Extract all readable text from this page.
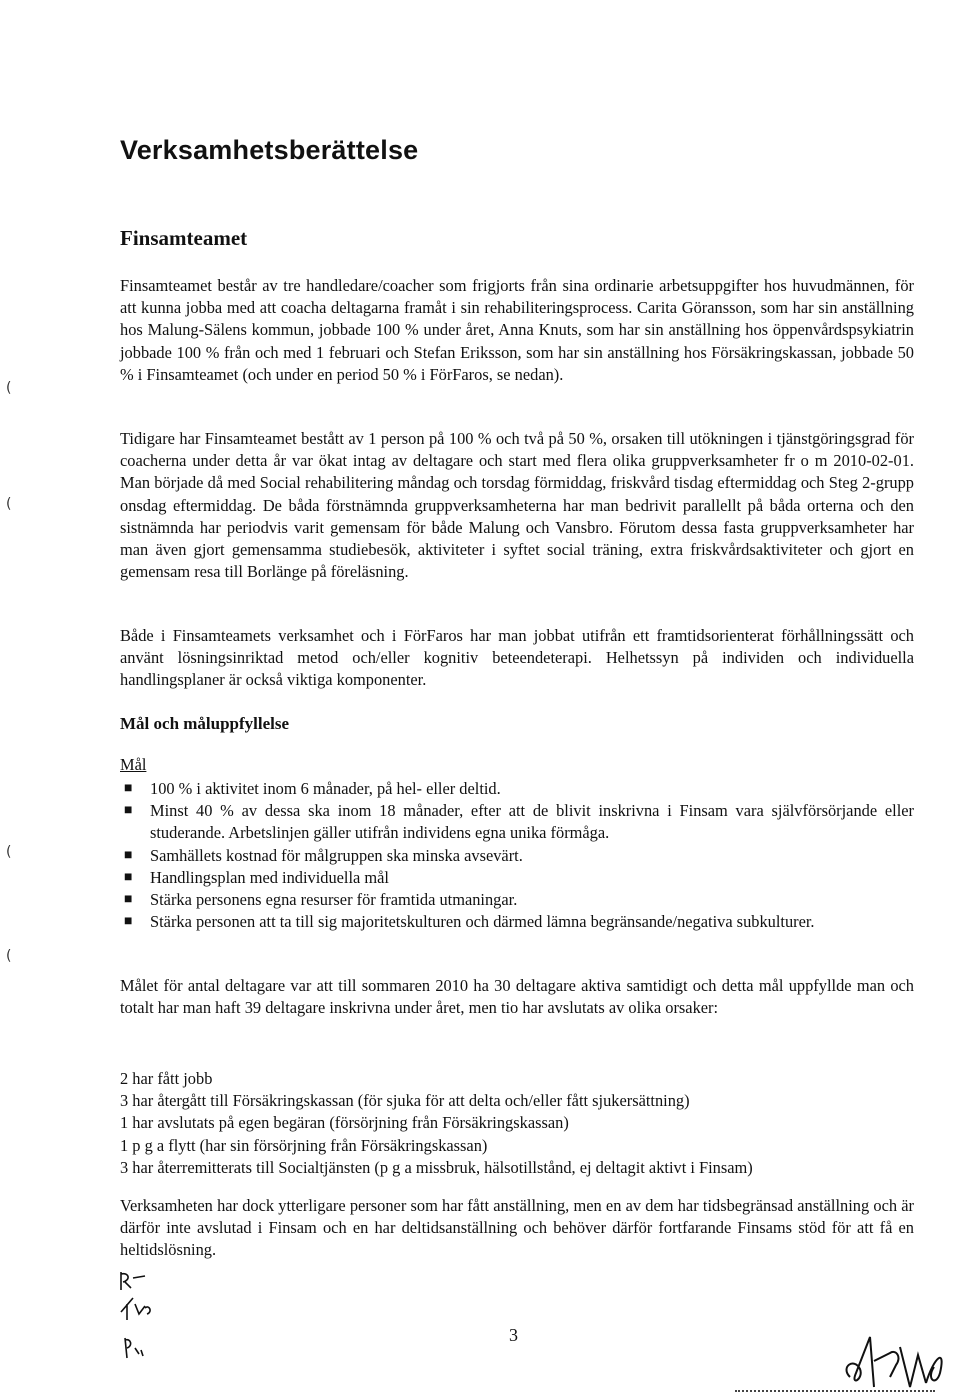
Verksamhetsberättelse
Finsamteamet

Finsamteamet består av tre handledare/coacher som frigjorts från sina ordinarie arbetsuppgifter hos huvudmännen, för att kunna jobba med att coacha deltagarna framåt i sin rehabiliteringsprocess. Carita Göransson, som har sin anställning hos Malung-Sälens kommun, jobbade 100 % under året, Anna Knuts, som har sin anställning hos öppenvårdspsykiatrin jobbade 100 % från och med 1 februari och Stefan Eriksson, som har sin anställning hos Försäkringskassan, jobbade 50 % i Finsamteamet (och under en period 50 % i FörFaros, se nedan).

Tidigare har Finsamteamet bestått av 1 person på 100 % och två på 50 %, orsaken till utökningen i tjänstgöringsgrad för coacherna under detta år var ökat intag av deltagare och start med flera olika gruppverksamheter fr o m 2010-02-01. Man började då med Social rehabilitering måndag och torsdag förmiddag, friskvård tisdag eftermiddag och Steg 2-grupp onsdag eftermiddag. De båda förstnämnda gruppverksamheterna har man bedrivit parallellt på båda orterna och den sistnämnda har periodvis varit gemensam för både Malung och Vansbro. Förutom dessa fasta gruppverksamheter har man även gjort gemensamma studiebesök, aktiviteter i syftet social träning, extra friskvårdsaktiviteter och gjort en gemensam resa till Borlänge på föreläsning.

Både i Finsamteamets verksamhet och i FörFaros har man jobbat utifrån ett framtidsorienterat förhållningssätt och använt lösningsinriktad metod och/eller kognitiv beteendeterapi. Helhetssyn på individen och individuella handlingsplaner är också viktiga komponenter.

Mål och måluppfyllelse
Mål
■ 100 % i aktivitet inom 6 månader, på hel- eller deltid.
■ Minst 40 % av dessa ska inom 18 månader, efter att de blivit inskrivna i Finsam vara självförsörjande eller studerande. Arbetslinjen gäller utifrån individens egna unika förmåga.
■ Samhällets kostnad för målgruppen ska minska avsevärt.
■ Handlingsplan med individuella mål
■ Stärka personens egna resurser för framtida utmaningar.
■ Stärka personen att ta till sig majoritetskulturen och därmed lämna begränsande/negativa subkulturer.

Målet för antal deltagare var att till sommaren 2010 ha 30 deltagare aktiva samtidigt och detta mål uppfyllde man och totalt har man haft 39 deltagare inskrivna under året, men tio har avslutats av olika orsaker:

2 har fått jobb
3 har återgått till Försäkringskassan (för sjuka för att delta och/eller fått sjukersättning)
1 har avslutats på egen begäran (försörjning från Försäkringskassan)
1 p g a flytt (har sin försörjning från Försäkringskassan)
3 har återremitterats till Socialtjänsten (p g a missbruk, hälsotillstånd, ej deltagit aktivt i Finsam)

Verksamheten har dock ytterligare personer som har fått anställning, men en av dem har tidsbegränsad anställning och är därför inte avslutad i Finsam och en har deltidsanställning och behöver därför fortfarande Finsams stöd för att få en heltidslösning.

(
(
(
(
3
